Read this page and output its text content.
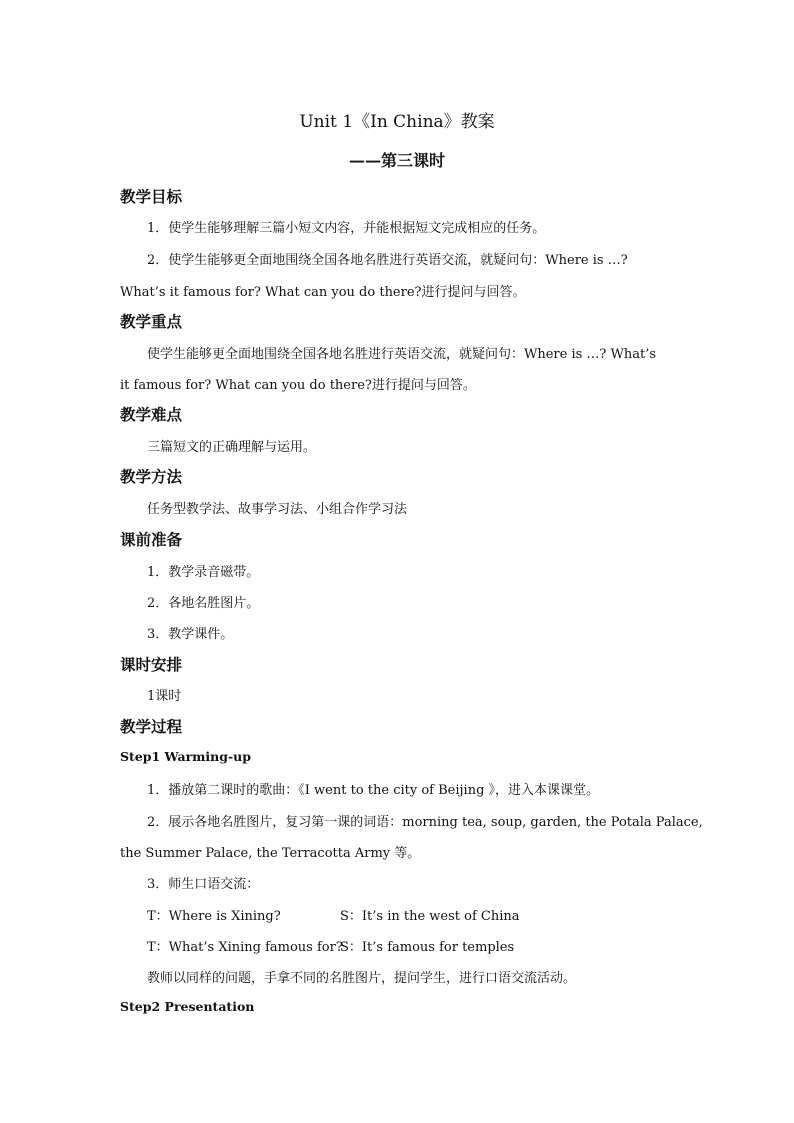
Unit 1《In China》教案
——第三课时
教学目标
1．使学生能够理解三篇小短文内容，并能根据短文完成相应的任务。
2．使学生能够更全面地围绕全国各地名胜进行英语交流，就疑问句：Where is …?
What’s it famous for? What can you do there?进行提问与回答。
教学重点
使学生能够更全面地围绕全国各地名胜进行英语交流，就疑问句：Where is …? What’s
it famous for? What can you do there?进行提问与回答。
教学难点
三篇短文的正确理解与运用。
教学方法
任务型教学法、故事学习法、小组合作学习法
课前准备
1．教学录音磁带。
2．各地名胜图片。
3．教学课件。
课时安排
1课时
教学过程
Step1 Warming-up
1．播放第二课时的歌曲：《I went to the city of Beijing 》，进入本课课堂。
2．展示各地名胜图片，复习第一课的词语：morning tea, soup, garden, the Potala Palace,
the Summer Palace, the Terracotta Army 等。
3．师生口语交流：
T：Where is Xining?	S：It’s in the west of China
T：What’s Xining famous for?
S：It’s famous for temples
教师以同样的问题，手拿不同的名胜图片，提问学生，进行口语交流活动。
Step2 Presentation
